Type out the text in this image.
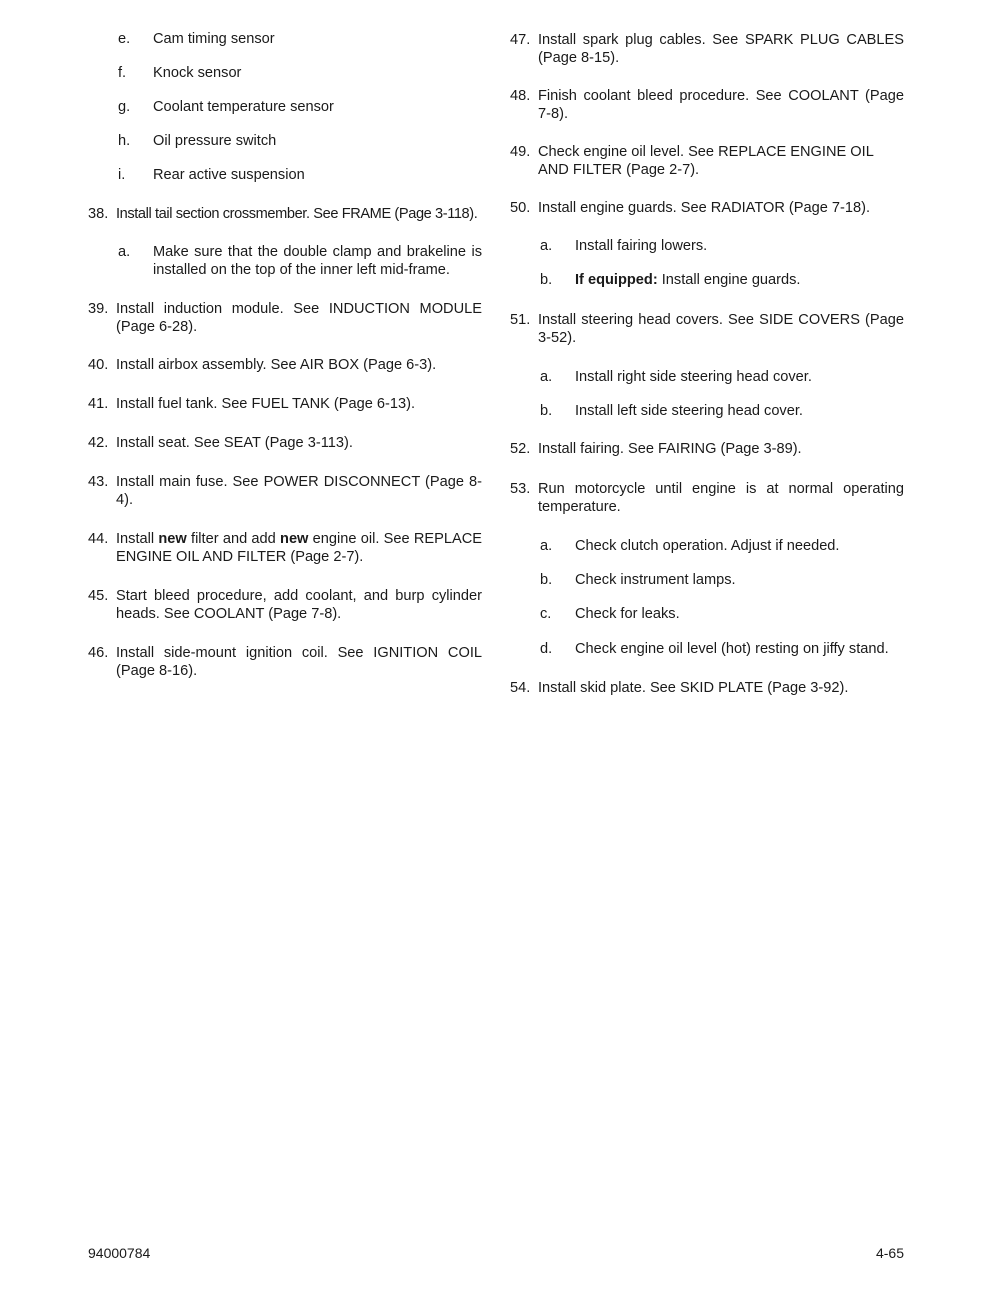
e.	Cam timing sensor
f.	Knock sensor
g.	Coolant temperature sensor
h.	Oil pressure switch
i.	Rear active suspension
38. Install tail section crossmember. See FRAME (Page 3-118).
a.	Make sure that the double clamp and brakeline is installed on the top of the inner left mid-frame.
39. Install induction module. See INDUCTION MODULE (Page 6-28).
40. Install airbox assembly. See AIR BOX (Page 6-3).
41. Install fuel tank. See FUEL TANK (Page 6-13).
42. Install seat. See SEAT (Page 3-113).
43. Install main fuse. See POWER DISCONNECT (Page 8-4).
44. Install new filter and add new engine oil. See REPLACE ENGINE OIL AND FILTER (Page 2-7).
45. Start bleed procedure, add coolant, and burp cylinder heads. See COOLANT (Page 7-8).
46. Install side-mount ignition coil. See IGNITION COIL (Page 8-16).
47. Install spark plug cables. See SPARK PLUG CABLES (Page 8-15).
48. Finish coolant bleed procedure. See COOLANT (Page 7-8).
49. Check engine oil level. See REPLACE ENGINE OIL AND FILTER (Page 2-7).
50. Install engine guards. See RADIATOR (Page 7-18).
a.	Install fairing lowers.
b.	If equipped: Install engine guards.
51. Install steering head covers. See SIDE COVERS (Page 3-52).
a.	Install right side steering head cover.
b.	Install left side steering head cover.
52. Install fairing. See FAIRING (Page 3-89).
53. Run motorcycle until engine is at normal operating temperature.
a.	Check clutch operation. Adjust if needed.
b.	Check instrument lamps.
c.	Check for leaks.
d.	Check engine oil level (hot) resting on jiffy stand.
54. Install skid plate. See SKID PLATE (Page 3-92).
94000784	4-65
